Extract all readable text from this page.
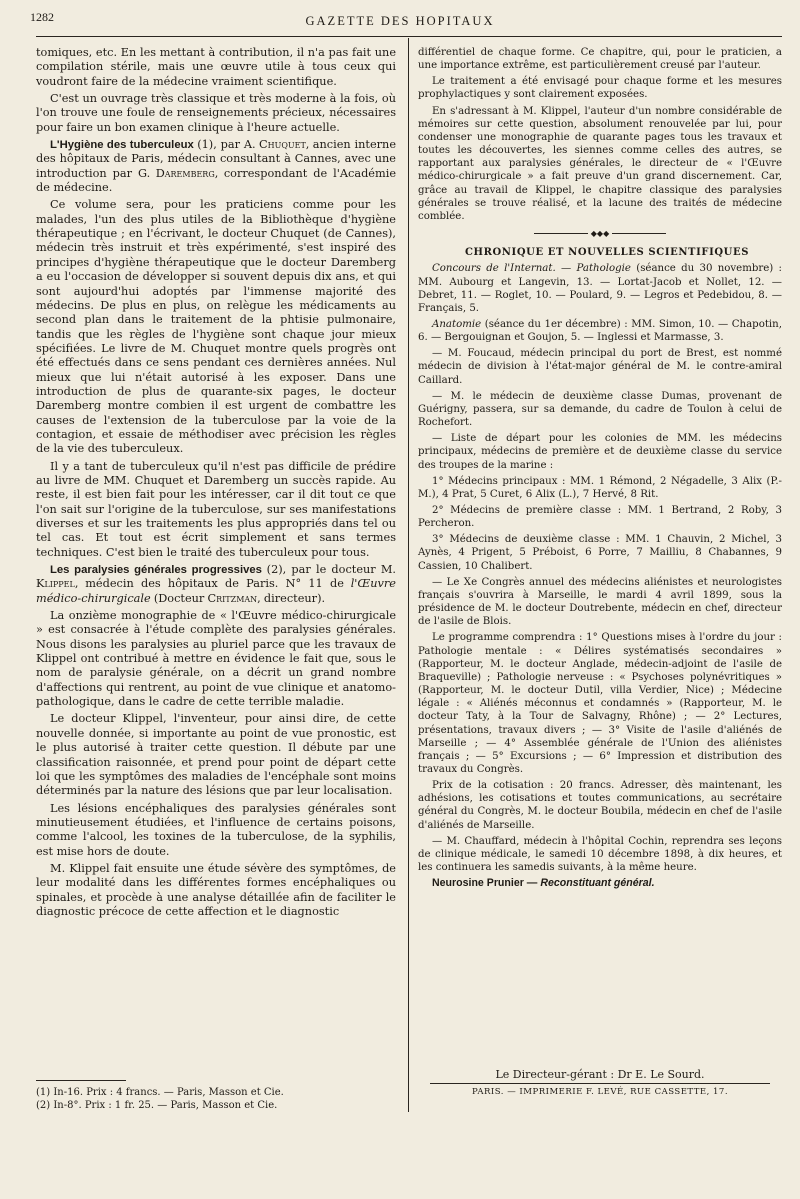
1282	GAZETTE DES HOPITAUX

tomiques, etc. En les mettant à contribution, il n'a pas fait une compilation stérile, mais une œuvre utile à tous ceux qui voudront faire de la médecine vraiment scientifique.

C'est un ouvrage très classique et très moderne à la fois, où l'on trouve une foule de renseignements précieux, nécessaires pour faire un bon examen clinique à l'heure actuelle.

L'Hygiène des tuberculeux (1), par A. Chuquet, ancien interne des hôpitaux de Paris, médecin consultant à Cannes, avec une introduction par G. Daremberg, correspondant de l'Académie de médecine.

Ce volume sera, pour les praticiens comme pour les malades, l'un des plus utiles de la Bibliothèque d'hygiène thérapeutique ; en l'écrivant, le docteur Chuquet (de Cannes), médecin très instruit et très expérimenté, s'est inspiré des principes d'hygiène thérapeutique que le docteur Daremberg a eu l'occasion de développer si souvent depuis dix ans, et qui sont aujourd'hui adoptés par l'immense majorité des médecins. De plus en plus, on relègue les médicaments au second plan dans le traitement de la phtisie pulmonaire, tandis que les règles de l'hygiène sont chaque jour mieux spécifiées. Le livre de M. Chuquet montre quels progrès ont été effectués dans ce sens pendant ces dernières années. Nul mieux que lui n'était autorisé à les exposer. Dans une introduction de plus de quarante-six pages, le docteur Daremberg montre combien il est urgent de combattre les causes de l'extension de la tuberculose par la voie de la contagion, et essaie de méthodiser avec précision les règles de la vie des tuberculeux.

Il y a tant de tuberculeux qu'il n'est pas difficile de prédire au livre de MM. Chuquet et Daremberg un succès rapide. Au reste, il est bien fait pour les intéresser, car il dit tout ce que l'on sait sur l'origine de la tuberculose, sur ses manifestations diverses et sur les traitements les plus appropriés dans tel ou tel cas. Et tout est écrit simplement et sans termes techniques. C'est bien le traité des tuberculeux pour tous.

Les paralysies générales progressives (2), par le docteur M. Klippel, médecin des hôpitaux de Paris. N° 11 de l'Œuvre médico-chirurgicale (Docteur Critzman, directeur).

La onzième monographie de « l'Œuvre médico-chirurgicale » est consacrée à l'étude complète des paralysies générales. Nous disons les paralysies au pluriel parce que les travaux de Klippel ont contribué à mettre en évidence le fait que, sous le nom de paralysie générale, on a décrit un grand nombre d'affections qui rentrent, au point de vue clinique et anatomo-pathologique, dans le cadre de cette terrible maladie.

Le docteur Klippel, l'inventeur, pour ainsi dire, de cette nouvelle donnée, si importante au point de vue pronostic, est le plus autorisé à traiter cette question. Il débute par une classification raisonnée, et prend pour point de départ cette loi que les symptômes des maladies de l'encéphale sont moins déterminés par la nature des lésions que par leur localisation.

Les lésions encéphaliques des paralysies générales sont minutieusement étudiées, et l'influence de certains poisons, comme l'alcool, les toxines de la tuberculose, de la syphilis, est mise hors de doute.

M. Klippel fait ensuite une étude sévère des symptômes, de leur modalité dans les différentes formes encéphaliques ou spinales, et procède à une analyse détaillée afin de faciliter le diagnostic précoce de cette affection et le diagnostic

(1) In-16. Prix : 4 francs. — Paris, Masson et Cie.
(2) In-8°. Prix : 1 fr. 25. — Paris, Masson et Cie.

différentiel de chaque forme. Ce chapitre, qui, pour le praticien, a une importance extrême, est particulièrement creusé par l'auteur.

Le traitement a été envisagé pour chaque forme et les mesures prophylactiques y sont clairement exposées.

En s'adressant à M. Klippel, l'auteur d'un nombre considérable de mémoires sur cette question, absolument renouvelée par lui, pour condenser une monographie de quarante pages tous les travaux et toutes les découvertes, les siennes comme celles des autres, se rapportant aux paralysies générales, le directeur de « l'Œuvre médico-chirurgicale » a fait preuve d'un grand discernement. Car, grâce au travail de Klippel, le chapitre classique des paralysies générales se trouve réalisé, et la lacune des traités de médecine comblée.

◆◆◆

CHRONIQUE ET NOUVELLES SCIENTIFIQUES

Concours de l'Internat. — Pathologie (séance du 30 novembre) : MM. Aubourg et Langevin, 13. — Lortat-Jacob et Nollet, 12. — Debret, 11. — Roglet, 10. — Poulard, 9. — Legros et Pedebidou, 8. — Français, 5.

Anatomie (séance du 1er décembre) : MM. Simon, 10. — Chapotin, 6. — Bergouignan et Goujon, 5. — Inglessi et Marmasse, 3.

— M. Foucaud, médecin principal du port de Brest, est nommé médecin de division à l'état-major général de M. le contre-amiral Caillard.

— M. le médecin de deuxième classe Dumas, provenant de Guérigny, passera, sur sa demande, du cadre de Toulon à celui de Rochefort.

— Liste de départ pour les colonies de MM. les médecins principaux, médecins de première et de deuxième classe du service des troupes de la marine :

1° Médecins principaux : MM. 1 Rémond, 2 Négadelle, 3 Alix (P.-M.), 4 Prat, 5 Curet, 6 Alix (L.), 7 Hervé, 8 Rit.

2° Médecins de première classe : MM. 1 Bertrand, 2 Roby, 3 Percheron.

3° Médecins de deuxième classe : MM. 1 Chauvin, 2 Michel, 3 Aynès, 4 Prigent, 5 Préboist, 6 Porre, 7 Mailliu, 8 Chabannes, 9 Cassien, 10 Chalibert.

— Le Xe Congrès annuel des médecins aliénistes et neurologistes français s'ouvrira à Marseille, le mardi 4 avril 1899, sous la présidence de M. le docteur Doutrebente, médecin en chef, directeur de l'asile de Blois.

Le programme comprendra : 1° Questions mises à l'ordre du jour : Pathologie mentale : « Délires systématisés secondaires » (Rapporteur, M. le docteur Anglade, médecin-adjoint de l'asile de Braqueville) ; Pathologie nerveuse : « Psychoses polynévritiques » (Rapporteur, M. le docteur Dutil, villa Verdier, Nice) ; Médecine légale : « Aliénés méconnus et condamnés » (Rapporteur, M. le docteur Taty, à la Tour de Salvagny, Rhône) ; — 2° Lectures, présentations, travaux divers ; — 3° Visite de l'asile d'aliénés de Marseille ; — 4° Assemblée générale de l'Union des aliénistes français ; — 5° Excursions ; — 6° Impression et distribution des travaux du Congrès.

Prix de la cotisation : 20 francs. Adresser, dès maintenant, les adhésions, les cotisations et toutes communications, au secrétaire général du Congrès, M. le docteur Boubila, médecin en chef de l'asile d'aliénés de Marseille.

— M. Chauffard, médecin à l'hôpital Cochin, reprendra ses leçons de clinique médicale, le samedi 10 décembre 1898, à dix heures, et les continuera les samedis suivants, à la même heure.

Neurosine Prunier — Reconstituant général.

Le Directeur-gérant : Dr E. Le Sourd.
PARIS. — IMPRIMERIE F. LEVÉ, RUE CASSETTE, 17.
